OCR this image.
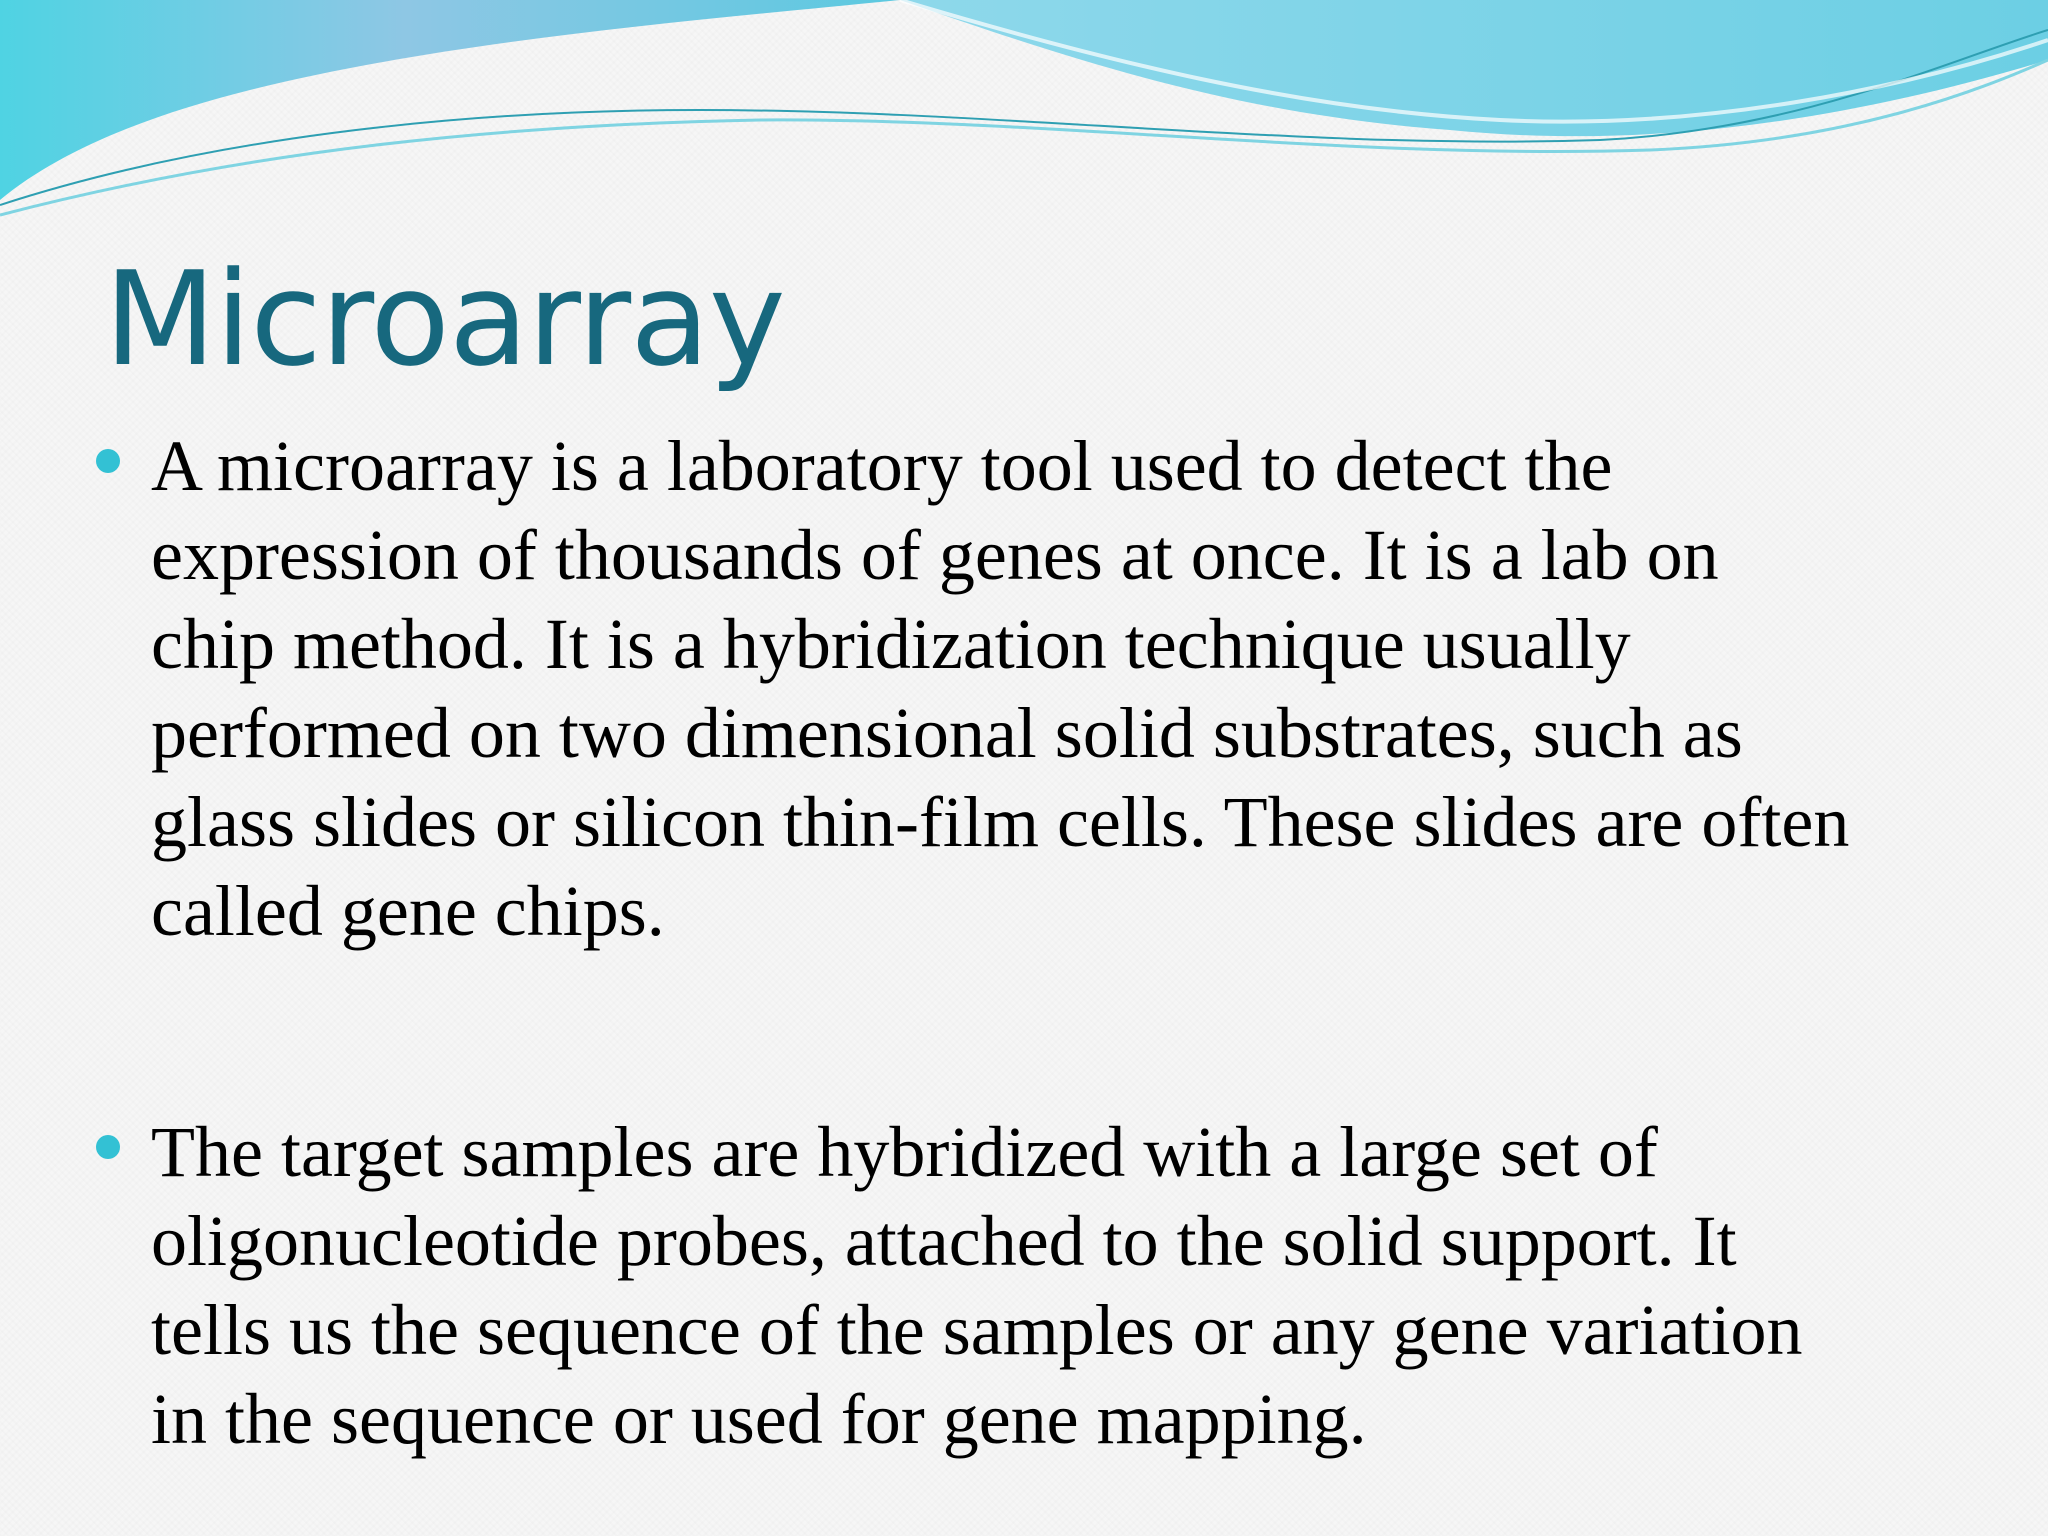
Microarray
A microarray is a laboratory tool used to detect the
expression of thousands of genes at once. It is a lab on
chip method. It is a hybridization technique usually
performed on two dimensional solid substrates, such as
glass slides or silicon thin-film cells. These slides are often
called gene chips.
The target samples are hybridized with a large set of
oligonucleotide probes, attached to the solid support. It
tells us the sequence of the samples or any gene variation
in the sequence or used for gene mapping.
